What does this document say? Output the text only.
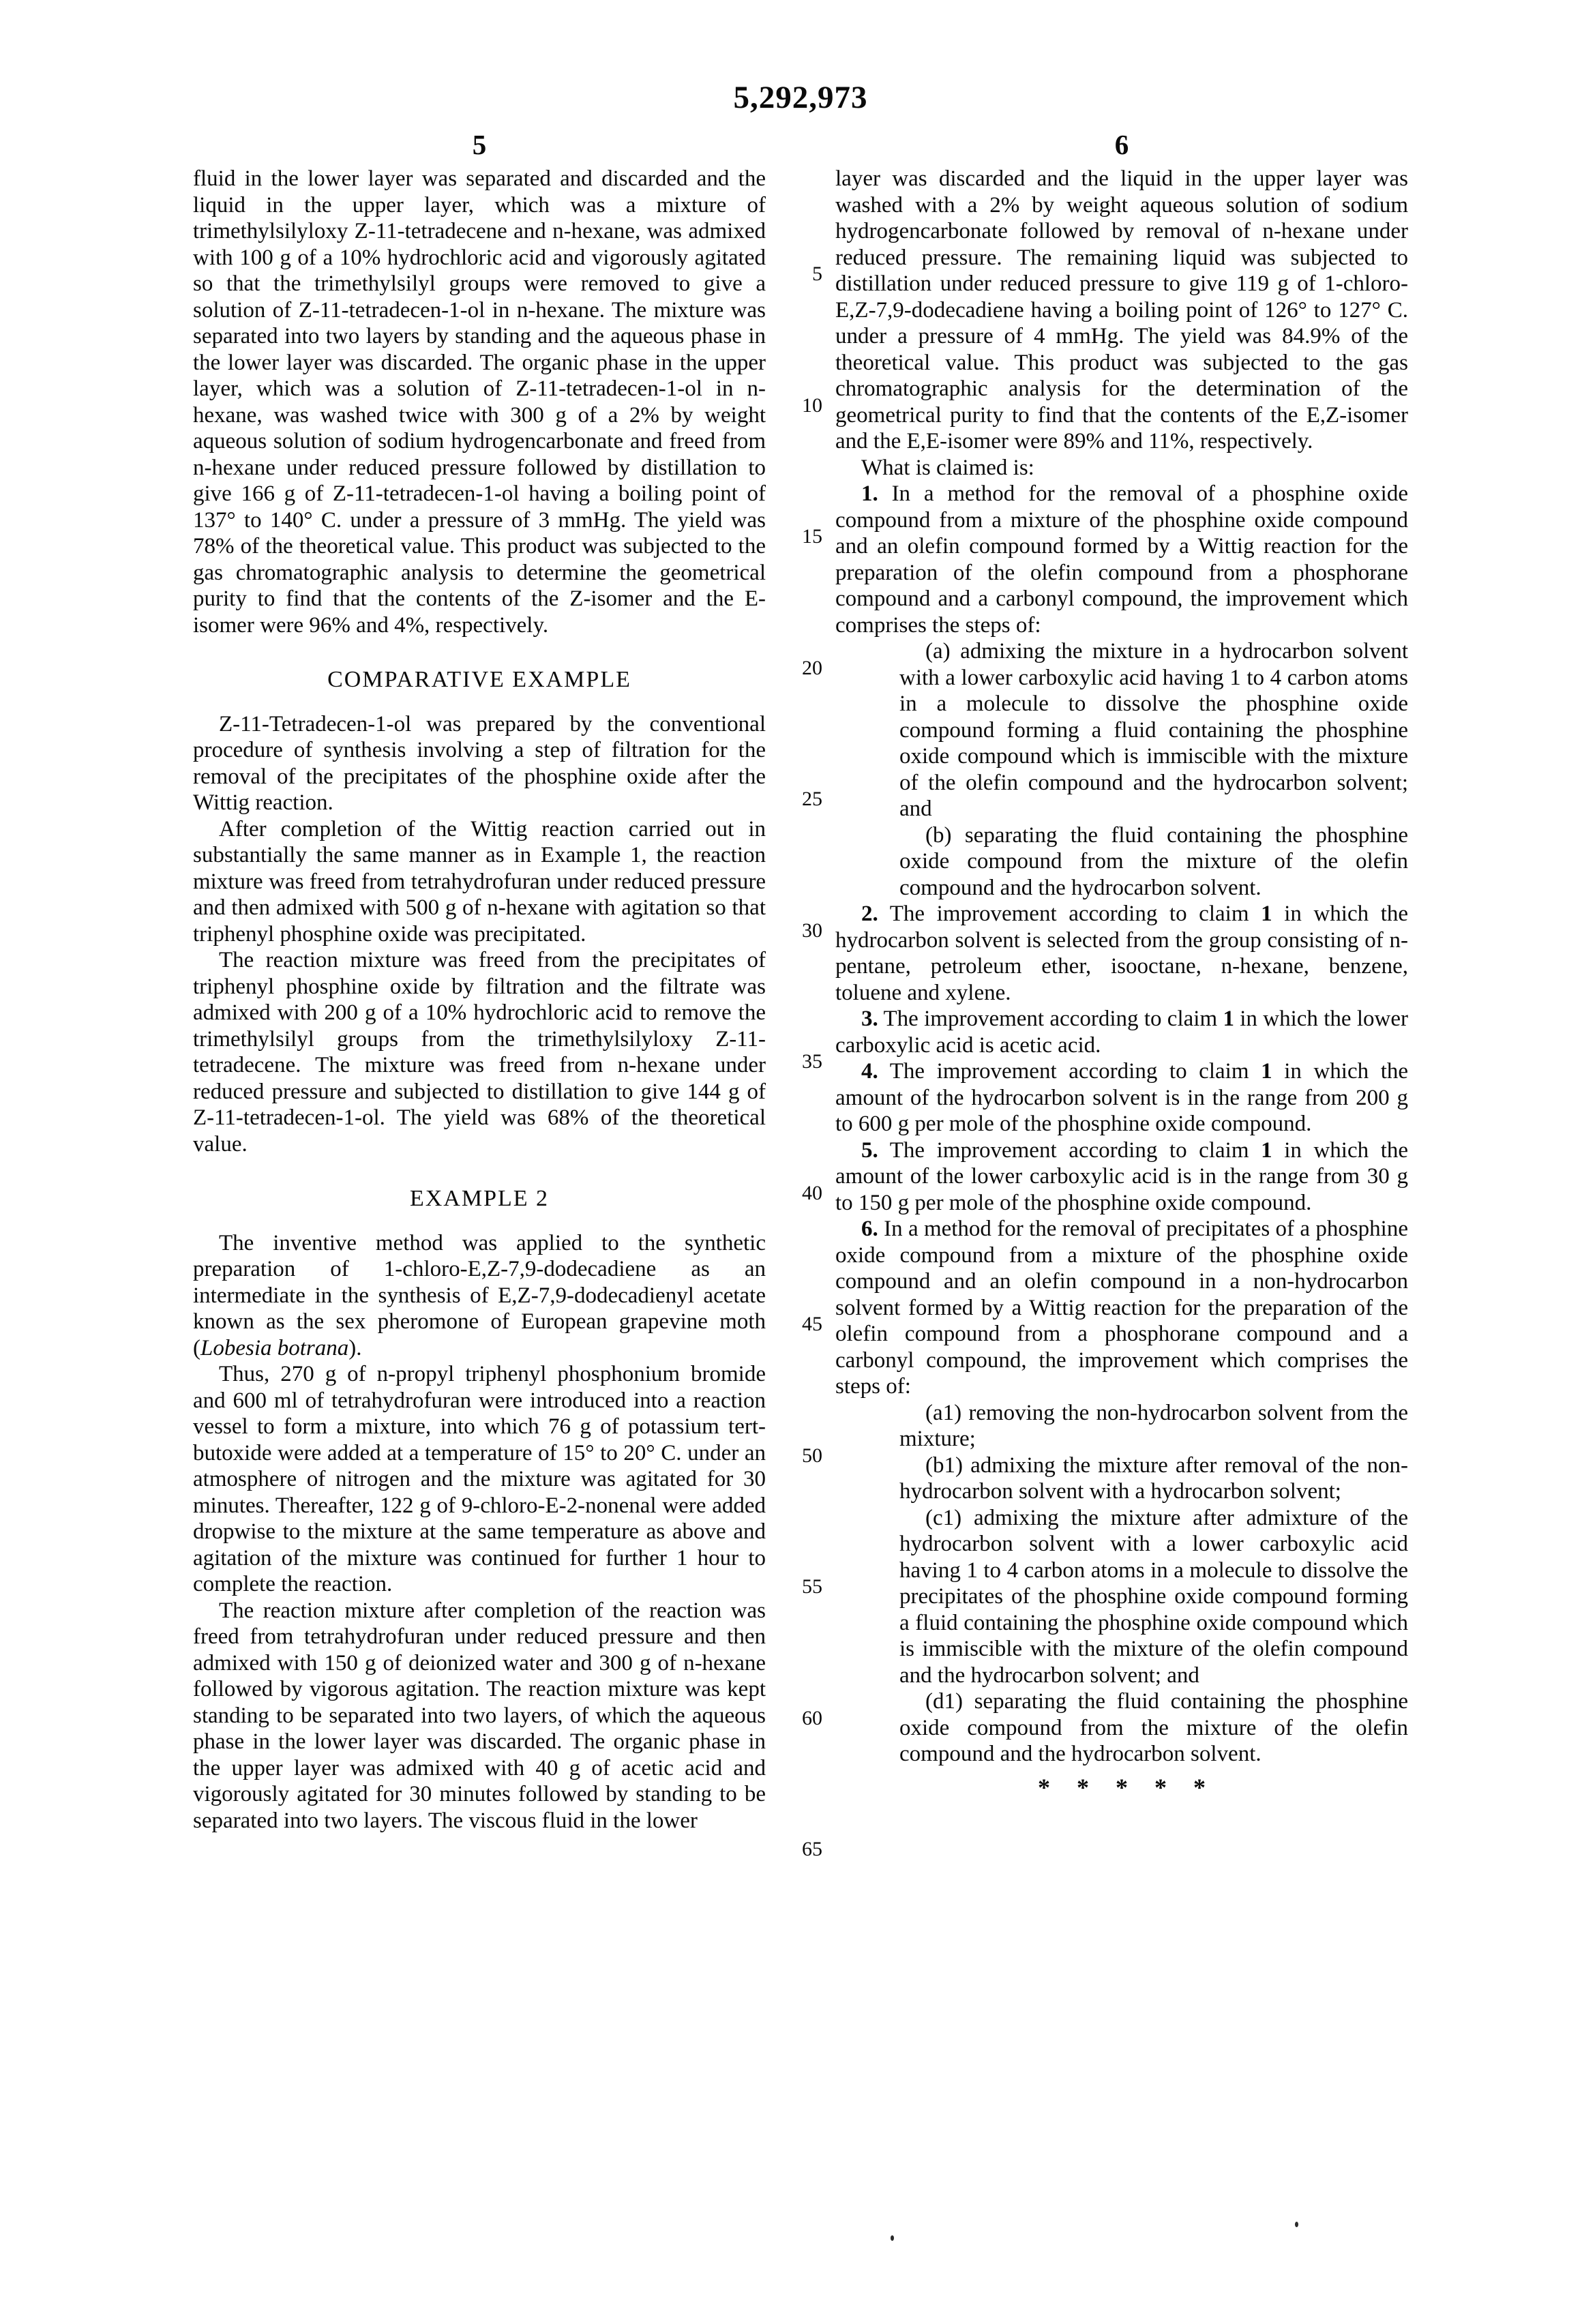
5,292,973
5	6
5
10
15
20
25
30
35
40
45
50
55
60
65

fluid in the lower layer was separated and discarded and the liquid in the upper layer, which was a mixture of trimethylsilyloxy Z-11-tetradecene and n-hexane, was admixed with 100 g of a 10% hydrochloric acid and vigorously agitated so that the trimethylsilyl groups were removed to give a solution of Z-11-tetradecen-1-ol in n-hexane. The mixture was separated into two layers by standing and the aqueous phase in the lower layer was discarded. The organic phase in the upper layer, which was a solution of Z-11-tetradecen-1-ol in n-hexane, was washed twice with 300 g of a 2% by weight aqueous solution of sodium hydrogencarbonate and freed from n-hexane under reduced pressure followed by distillation to give 166 g of Z-11-tetradecen-1-ol having a boiling point of 137° to 140° C. under a pressure of 3 mmHg. The yield was 78% of the theoretical value. This product was subjected to the gas chromatographic analysis to determine the geometrical purity to find that the contents of the Z-isomer and the E-isomer were 96% and 4%, respectively.

COMPARATIVE EXAMPLE

Z-11-Tetradecen-1-ol was prepared by the conventional procedure of synthesis involving a step of filtration for the removal of the precipitates of the phosphine oxide after the Wittig reaction.

After completion of the Wittig reaction carried out in substantially the same manner as in Example 1, the reaction mixture was freed from tetrahydrofuran under reduced pressure and then admixed with 500 g of n-hexane with agitation so that triphenyl phosphine oxide was precipitated.

The reaction mixture was freed from the precipitates of triphenyl phosphine oxide by filtration and the filtrate was admixed with 200 g of a 10% hydrochloric acid to remove the trimethylsilyl groups from the trimethylsilyloxy Z-11-tetradecene. The mixture was freed from n-hexane under reduced pressure and subjected to distillation to give 144 g of Z-11-tetradecen-1-ol. The yield was 68% of the theoretical value.

EXAMPLE 2

The inventive method was applied to the synthetic preparation of 1-chloro-E,Z-7,9-dodecadiene as an intermediate in the synthesis of E,Z-7,9-dodecadienyl acetate known as the sex pheromone of European grapevine moth (Lobesia botrana).

Thus, 270 g of n-propyl triphenyl phosphonium bromide and 600 ml of tetrahydrofuran were introduced into a reaction vessel to form a mixture, into which 76 g of potassium tert-butoxide were added at a temperature of 15° to 20° C. under an atmosphere of nitrogen and the mixture was agitated for 30 minutes. Thereafter, 122 g of 9-chloro-E-2-nonenal were added dropwise to the mixture at the same temperature as above and agitation of the mixture was continued for further 1 hour to complete the reaction.

The reaction mixture after completion of the reaction was freed from tetrahydrofuran under reduced pressure and then admixed with 150 g of deionized water and 300 g of n-hexane followed by vigorous agitation. The reaction mixture was kept standing to be separated into two layers, of which the aqueous phase in the lower layer was discarded. The organic phase in the upper layer was admixed with 40 g of acetic acid and vigorously agitated for 30 minutes followed by standing to be separated into two layers. The viscous fluid in the lower

layer was discarded and the liquid in the upper layer was washed with a 2% by weight aqueous solution of sodium hydrogencarbonate followed by removal of n-hexane under reduced pressure. The remaining liquid was subjected to distillation under reduced pressure to give 119 g of 1-chloro-E,Z-7,9-dodecadiene having a boiling point of 126° to 127° C. under a pressure of 4 mmHg. The yield was 84.9% of the theoretical value. This product was subjected to the gas chromatographic analysis for the determination of the geometrical purity to find that the contents of the E,Z-isomer and the E,E-isomer were 89% and 11%, respectively.

What is claimed is:

1. In a method for the removal of a phosphine oxide compound from a mixture of the phosphine oxide compound and an olefin compound formed by a Wittig reaction for the preparation of the olefin compound from a phosphorane compound and a carbonyl compound, the improvement which comprises the steps of:

(a) admixing the mixture in a hydrocarbon solvent with a lower carboxylic acid having 1 to 4 carbon atoms in a molecule to dissolve the phosphine oxide compound forming a fluid containing the phosphine oxide compound which is immiscible with the mixture of the olefin compound and the hydrocarbon solvent; and

(b) separating the fluid containing the phosphine oxide compound from the mixture of the olefin compound and the hydrocarbon solvent.

2. The improvement according to claim 1 in which the hydrocarbon solvent is selected from the group consisting of n-pentane, petroleum ether, isooctane, n-hexane, benzene, toluene and xylene.

3. The improvement according to claim 1 in which the lower carboxylic acid is acetic acid.

4. The improvement according to claim 1 in which the amount of the hydrocarbon solvent is in the range from 200 g to 600 g per mole of the phosphine oxide compound.

5. The improvement according to claim 1 in which the amount of the lower carboxylic acid is in the range from 30 g to 150 g per mole of the phosphine oxide compound.

6. In a method for the removal of precipitates of a phosphine oxide compound from a mixture of the phosphine oxide compound and an olefin compound in a non-hydrocarbon solvent formed by a Wittig reaction for the preparation of the olefin compound from a phosphorane compound and a carbonyl compound, the improvement which comprises the steps of:

(a1) removing the non-hydrocarbon solvent from the mixture;

(b1) admixing the mixture after removal of the non-hydrocarbon solvent with a hydrocarbon solvent;

(c1) admixing the mixture after admixture of the hydrocarbon solvent with a lower carboxylic acid having 1 to 4 carbon atoms in a molecule to dissolve the precipitates of the phosphine oxide compound forming a fluid containing the phosphine oxide compound which is immiscible with the mixture of the olefin compound and the hydrocarbon solvent; and

(d1) separating the fluid containing the phosphine oxide compound from the mixture of the olefin compound and the hydrocarbon solvent.

* * * * *
